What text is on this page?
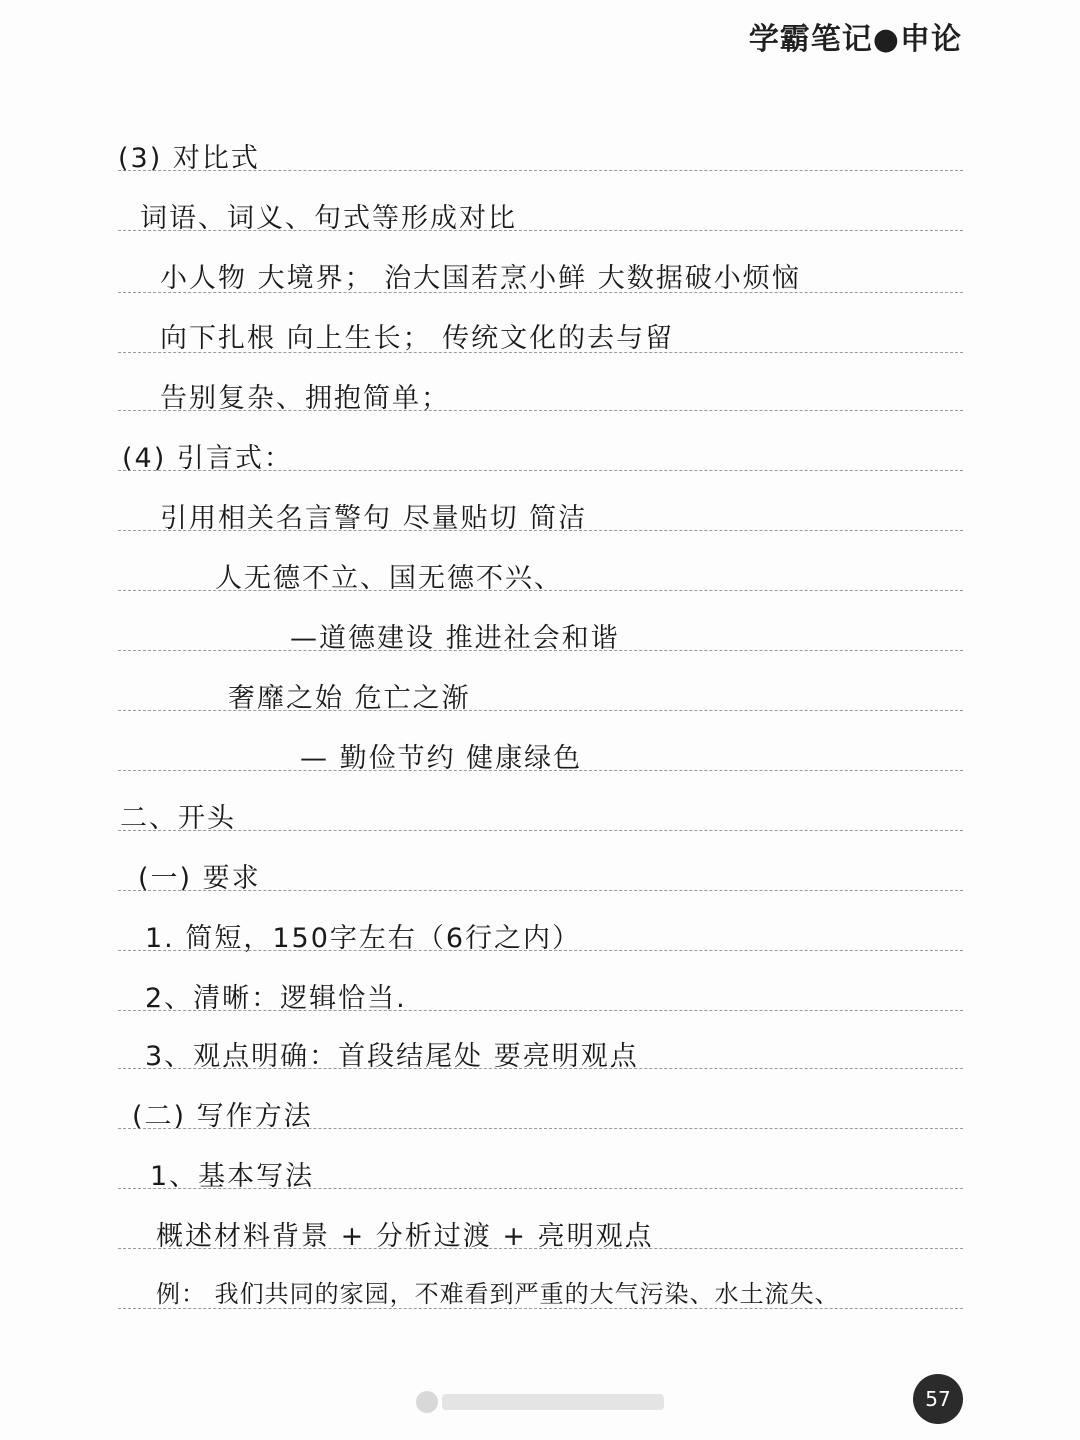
学霸笔记●申论
(3) 对比式
词语、词义、句式等形成对比
小人物 大境界； 治大国若烹小鲜 大数据破小烦恼
向下扎根 向上生长； 传统文化的去与留
告别复杂、拥抱简单；
(4) 引言式：
引用相关名言警句 尽量贴切 简洁
人无德不立、国无德不兴、
—道德建设 推进社会和谐
奢靡之始 危亡之渐
— 勤俭节约 健康绿色
二、开头
(一) 要求
1. 简短，150字左右（6行之内）
2、清晰：逻辑恰当.
3、观点明确：首段结尾处 要亮明观点
(二) 写作方法
1、基本写法
概述材料背景 + 分析过渡 + 亮明观点
例： 我们共同的家园，不难看到严重的大气污染、水土流失、
57
